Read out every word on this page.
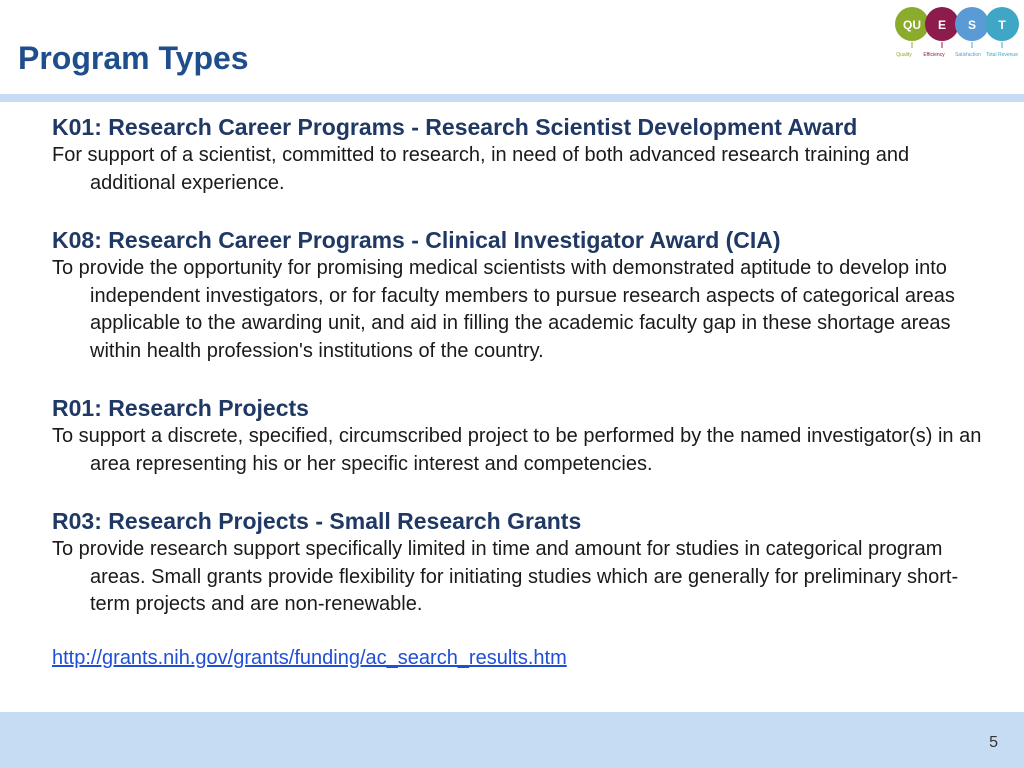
Program Types
QU E S T
Quality Efficiency Satisfaction Total Revenue

K01: Research Career Programs - Research Scientist Development Award

For support of a scientist, committed to research, in need of both advanced research training and additional experience.

K08: Research Career Programs - Clinical Investigator Award (CIA)

To provide the opportunity for promising medical scientists with demonstrated aptitude to develop into independent investigators, or for faculty members to pursue research aspects of categorical areas applicable to the awarding unit, and aid in filling the academic faculty gap in these shortage areas within health profession's institutions of the country.

R01: Research Projects

To support a discrete, specified, circumscribed project to be performed by the named investigator(s) in an area representing his or her specific interest and competencies.

R03: Research Projects - Small Research Grants

To provide research support specifically limited in time and amount for studies in categorical program areas. Small grants provide flexibility for initiating studies which are generally for preliminary short-term projects and are non-renewable.

http://grants.nih.gov/grants/funding/ac_search_results.htm
5
